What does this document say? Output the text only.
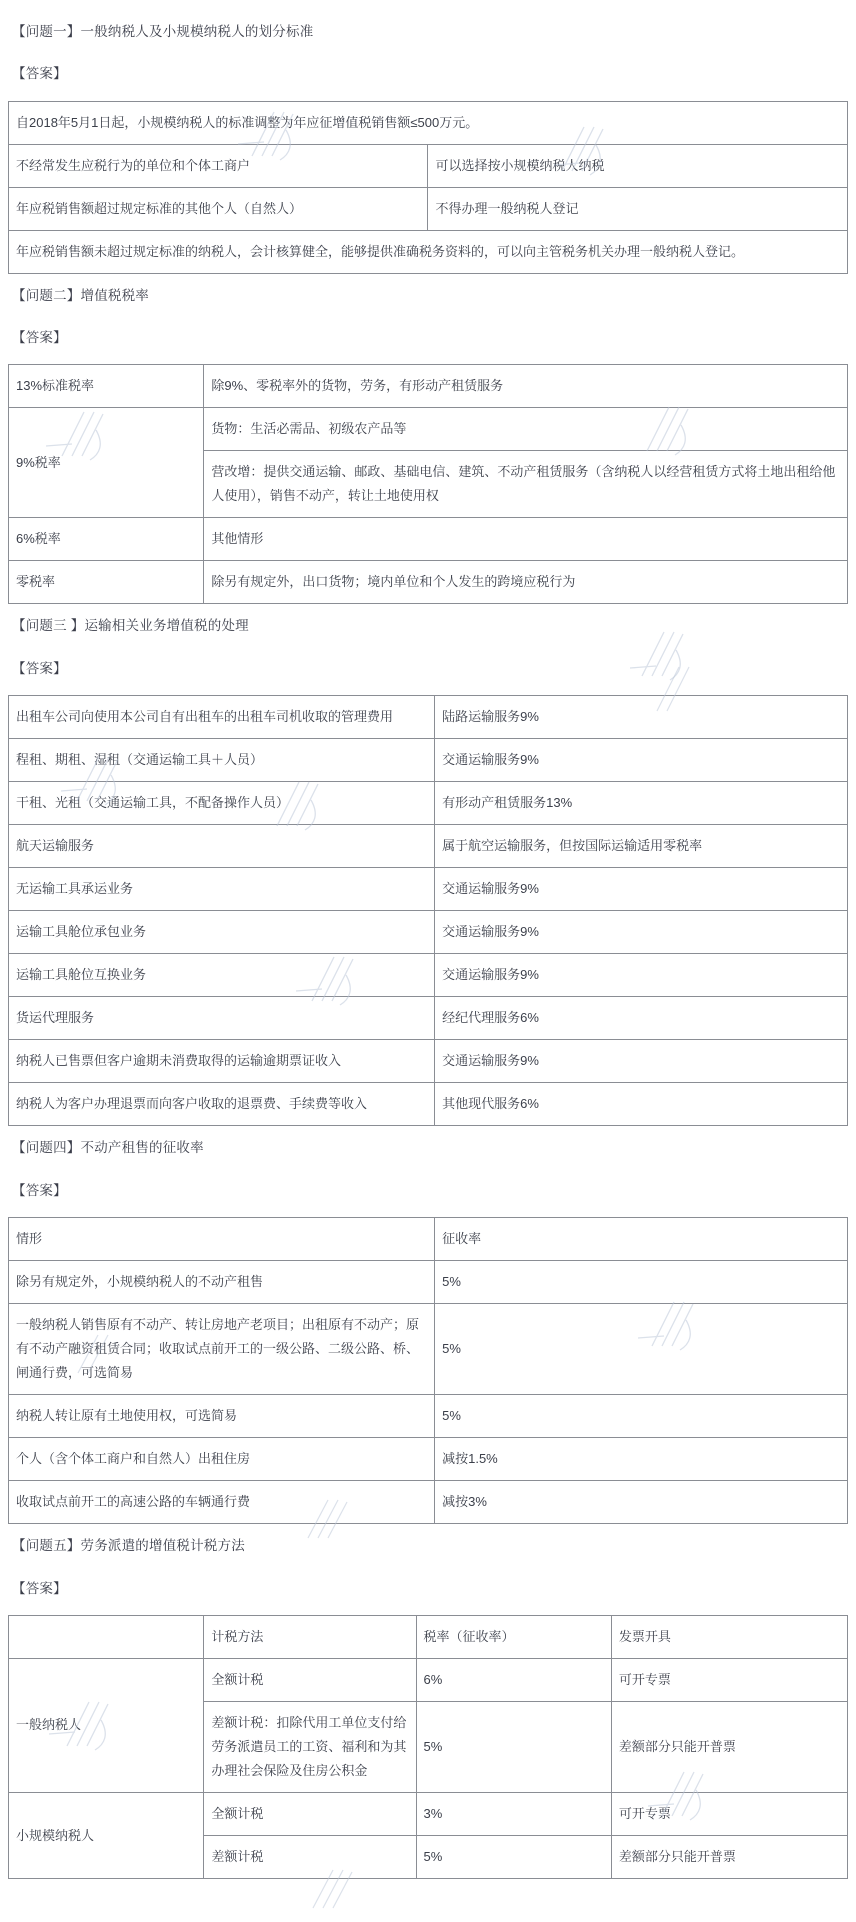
【问题一】一般纳税人及小规模纳税人的划分标准
【答案】
自2018年5月1日起，小规模纳税人的标准调整为年应征增值税销售额≤500万元。	
不经常发生应税行为的单位和个体工商户	可以选择按小规模纳税人纳税
年应税销售额超过规定标准的其他个人（自然人）	不得办理一般纳税人登记
年应税销售额未超过规定标准的纳税人，会计核算健全，能够提供准确税务资料的，可以向主管税务机关办理一般纳税人登记。	
【问题二】增值税税率
【答案】
13%标准税率	除9%、零税率外的货物，劳务，有形动产租赁服务
9%税率	货物：生活必需品、初级农产品等
	营改增：提供交通运输、邮政、基础电信、建筑、不动产租赁服务（含纳税人以经营租赁方式将土地出租给他人使用），销售不动产，转让土地使用权
6%税率	其他情形
零税率	除另有规定外，出口货物；境内单位和个人发生的跨境应税行为
【问题三 】运输相关业务增值税的处理
【答案】
出租车公司向使用本公司自有出租车的出租车司机收取的管理费用	陆路运输服务9%
程租、期租、湿租（交通运输工具＋人员）	交通运输服务9%
干租、光租（交通运输工具，不配备操作人员）	有形动产租赁服务13%
航天运输服务	属于航空运输服务，但按国际运输适用零税率
无运输工具承运业务	交通运输服务9%
运输工具舱位承包业务	交通运输服务9%
运输工具舱位互换业务	交通运输服务9%
货运代理服务	经纪代理服务6%
纳税人已售票但客户逾期未消费取得的运输逾期票证收入	交通运输服务9%
纳税人为客户办理退票而向客户收取的退票费、手续费等收入	其他现代服务6%
【问题四】不动产租售的征收率
【答案】
情形	征收率
除另有规定外，小规模纳税人的不动产租售	5%
一般纳税人销售原有不动产、转让房地产老项目；出租原有不动产；原有不动产融资租赁合同；收取试点前开工的一级公路、二级公路、桥、闸通行费，可选简易	5%
纳税人转让原有土地使用权，可选简易	5%
个人（含个体工商户和自然人）出租住房	减按1.5%
收取试点前开工的高速公路的车辆通行费	减按3%
【问题五】劳务派遣的增值税计税方法
【答案】
	计税方法	税率（征收率）	发票开具
一般纳税人	全额计税	6%	可开专票
	差额计税：扣除代用工单位支付给劳务派遣员工的工资、福利和为其办理社会保险及住房公积金	5%	差额部分只能开普票
小规模纳税人	全额计税	3%	可开专票
	差额计税	5%	差额部分只能开普票
